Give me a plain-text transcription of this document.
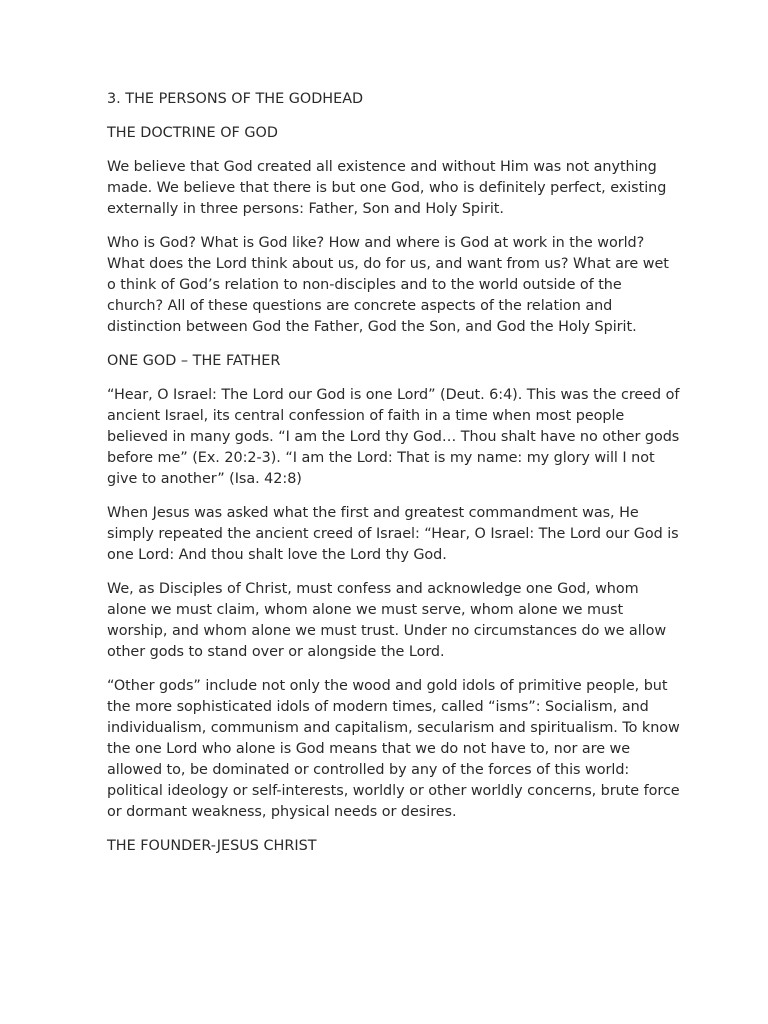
3. THE PERSONS OF THE GODHEAD
THE DOCTRINE OF GOD

We believe that God created all existence and without Him was not anything made. We believe that there is but one God, who is definitely perfect, existing externally in three persons: Father, Son and Holy Spirit.

Who is God? What is God like? How and where is God at work in the world? What does the Lord think about us, do for us, and want from us? What are wet o think of God’s relation to non-disciples and to the world outside of the church? All of these questions are concrete aspects of the relation and distinction between God the Father, God the Son, and God the Holy Spirit.

ONE GOD – THE FATHER

“Hear, O Israel: The Lord our God is one Lord” (Deut. 6:4). This was the creed of ancient Israel, its central confession of faith in a time when most people believed in many gods. “I am the Lord thy God… Thou shalt have no other gods before me” (Ex. 20:2-3). “I am the Lord: That is my name: my glory will I not give to another” (Isa. 42:8)

When Jesus was asked what the first and greatest commandment was, He simply repeated the ancient creed of Israel: “Hear, O Israel: The Lord our God is one Lord: And thou shalt love the Lord thy God.

We, as Disciples of Christ, must confess and acknowledge one God, whom alone we must claim, whom alone we must serve, whom alone we must worship, and whom alone we must trust. Under no circumstances do we allow other gods to stand over or alongside the Lord.

“Other gods” include not only the wood and gold idols of primitive people, but the more sophisticated idols of modern times, called “isms”: Socialism, and individualism, communism and capitalism, secularism and spiritualism. To know the one Lord who alone is God means that we do not have to, nor are we allowed to, be dominated or controlled by any of the forces of this world: political ideology or self-interests, worldly or other worldly concerns, brute force or dormant weakness, physical needs or desires.

THE FOUNDER-JESUS CHRIST
